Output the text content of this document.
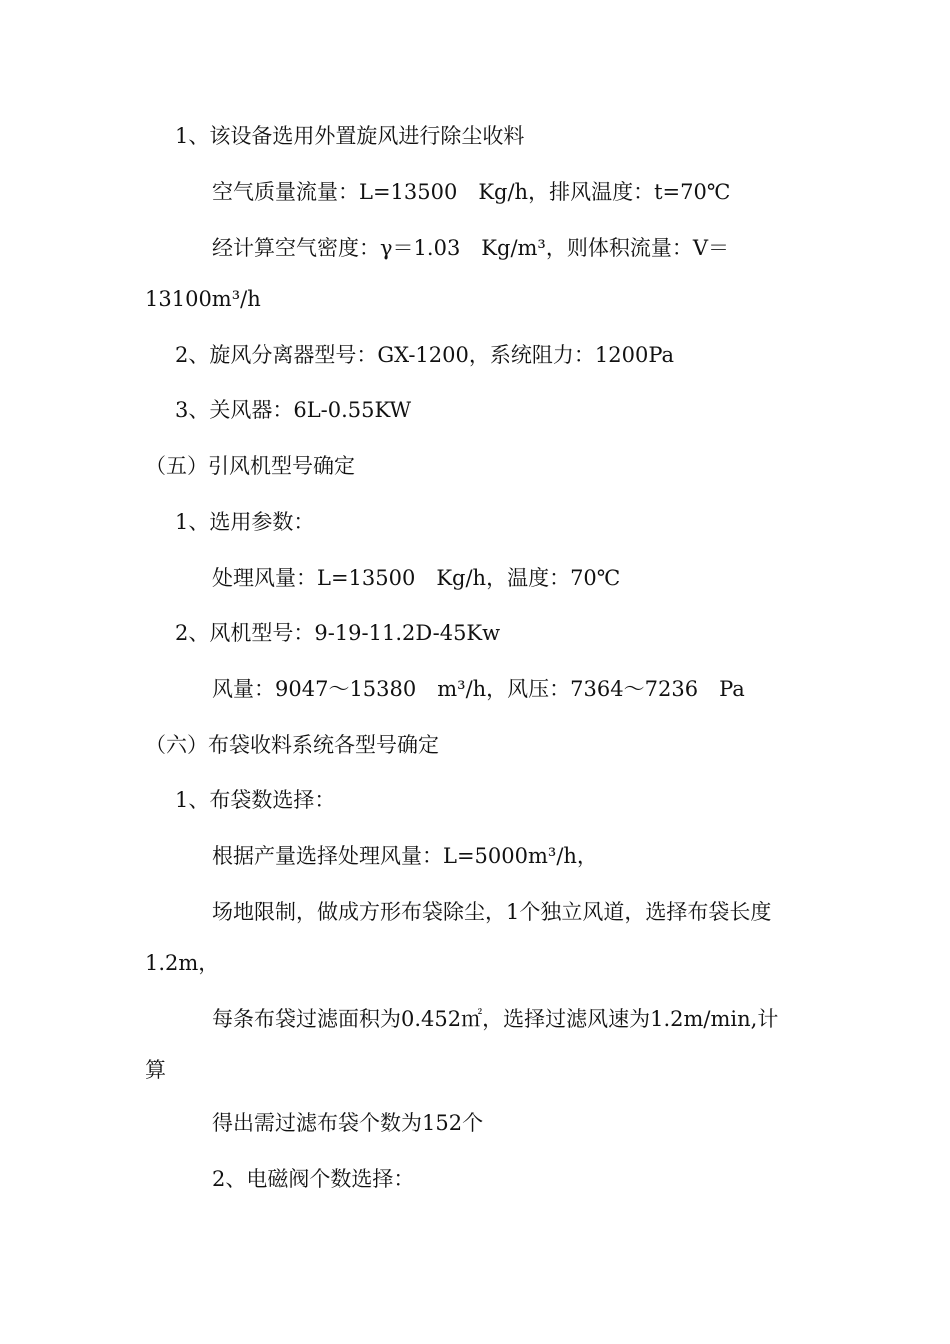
1、该设备选用外置旋风进行除尘收料
空气质量流量：L=13500　Kg/h，排风温度：t=70℃
经计算空气密度：γ＝1.03　Kg/m³，则体积流量：V＝
13100m³/h
2、旋风分离器型号：GX-1200，系统阻力：1200Pa
3、关风器：6L-0.55KW
（五）引风机型号确定
1、选用参数：
处理风量：L=13500　Kg/h，温度：70℃
2、风机型号：9-19-11.2D-45Kw
风量：9047～15380　m³/h，风压：7364～7236　Pa
（六）布袋收料系统各型号确定
1、布袋数选择：
根据产量选择处理风量：L=5000m³/h，
场地限制，做成方形布袋除尘，1个独立风道，选择布袋长度
1.2m，
每条布袋过滤面积为0.452㎡，选择过滤风速为1.2m/min,计
算
得出需过滤布袋个数为152个
2、电磁阀个数选择：
